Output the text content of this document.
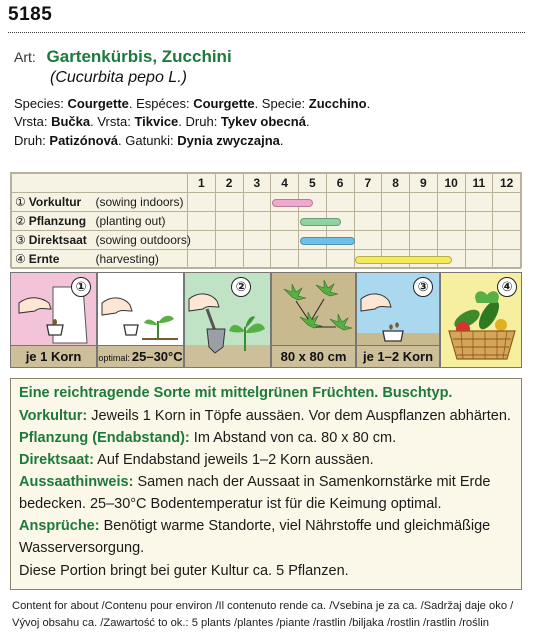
5185
Art: Gartenkürbis, Zucchini
(Cucurbita pepo L.)
Species: Courgette. Espéces: Courgette. Specie: Zucchino.
Vrsta: Bučka. Vrsta: Tikvice. Druh: Tykev obecná.
Druh: Patizónová. Gatunki: Dynia zwyczajna.
		1	2	3	4	5	6	7	8	9	10	11	12
① Vorkultur	(sowing indoors)												
② Pflanzung	(planting out)												
③ Direktsaat	(sowing outdoors)												
④ Ernte	(harvesting)												
①
je 1 Korn	optimal: 25–30°C
②
80 x 80 cm
③
je 1–2 Korn
④
Eine reichtragende Sorte mit mittelgrünen Früchten. Buschtyp.

Vorkultur: Jeweils 1 Korn in Töpfe aussäen. Vor dem Auspflanzen abhärten.

Pflanzung (Endabstand): Im Abstand von ca. 80 x 80 cm.

Direktsaat: Auf Endabstand jeweils 1–2 Korn aussäen.

Aussaathinweis: Samen nach der Aussaat in Samenkornstärke mit Erde

bedecken. 25–30°C Bodentemperatur ist für die Keimung optimal.

Ansprüche: Benötigt warme Standorte, viel Nährstoffe und gleichmäßige

Wasserversorgung.

Diese Portion bringt bei guter Kultur ca. 5 Pflanzen.

Content for about /Contenu pour environ /Il contenuto rende ca. /Vsebina je za ca. /Sadržaj daje oko /
Vývoj obsahu ca. /Zawartość to ok.: 5 plants /plantes /piante /rastlin /biljaka /rostlin /rastlin /roślin
